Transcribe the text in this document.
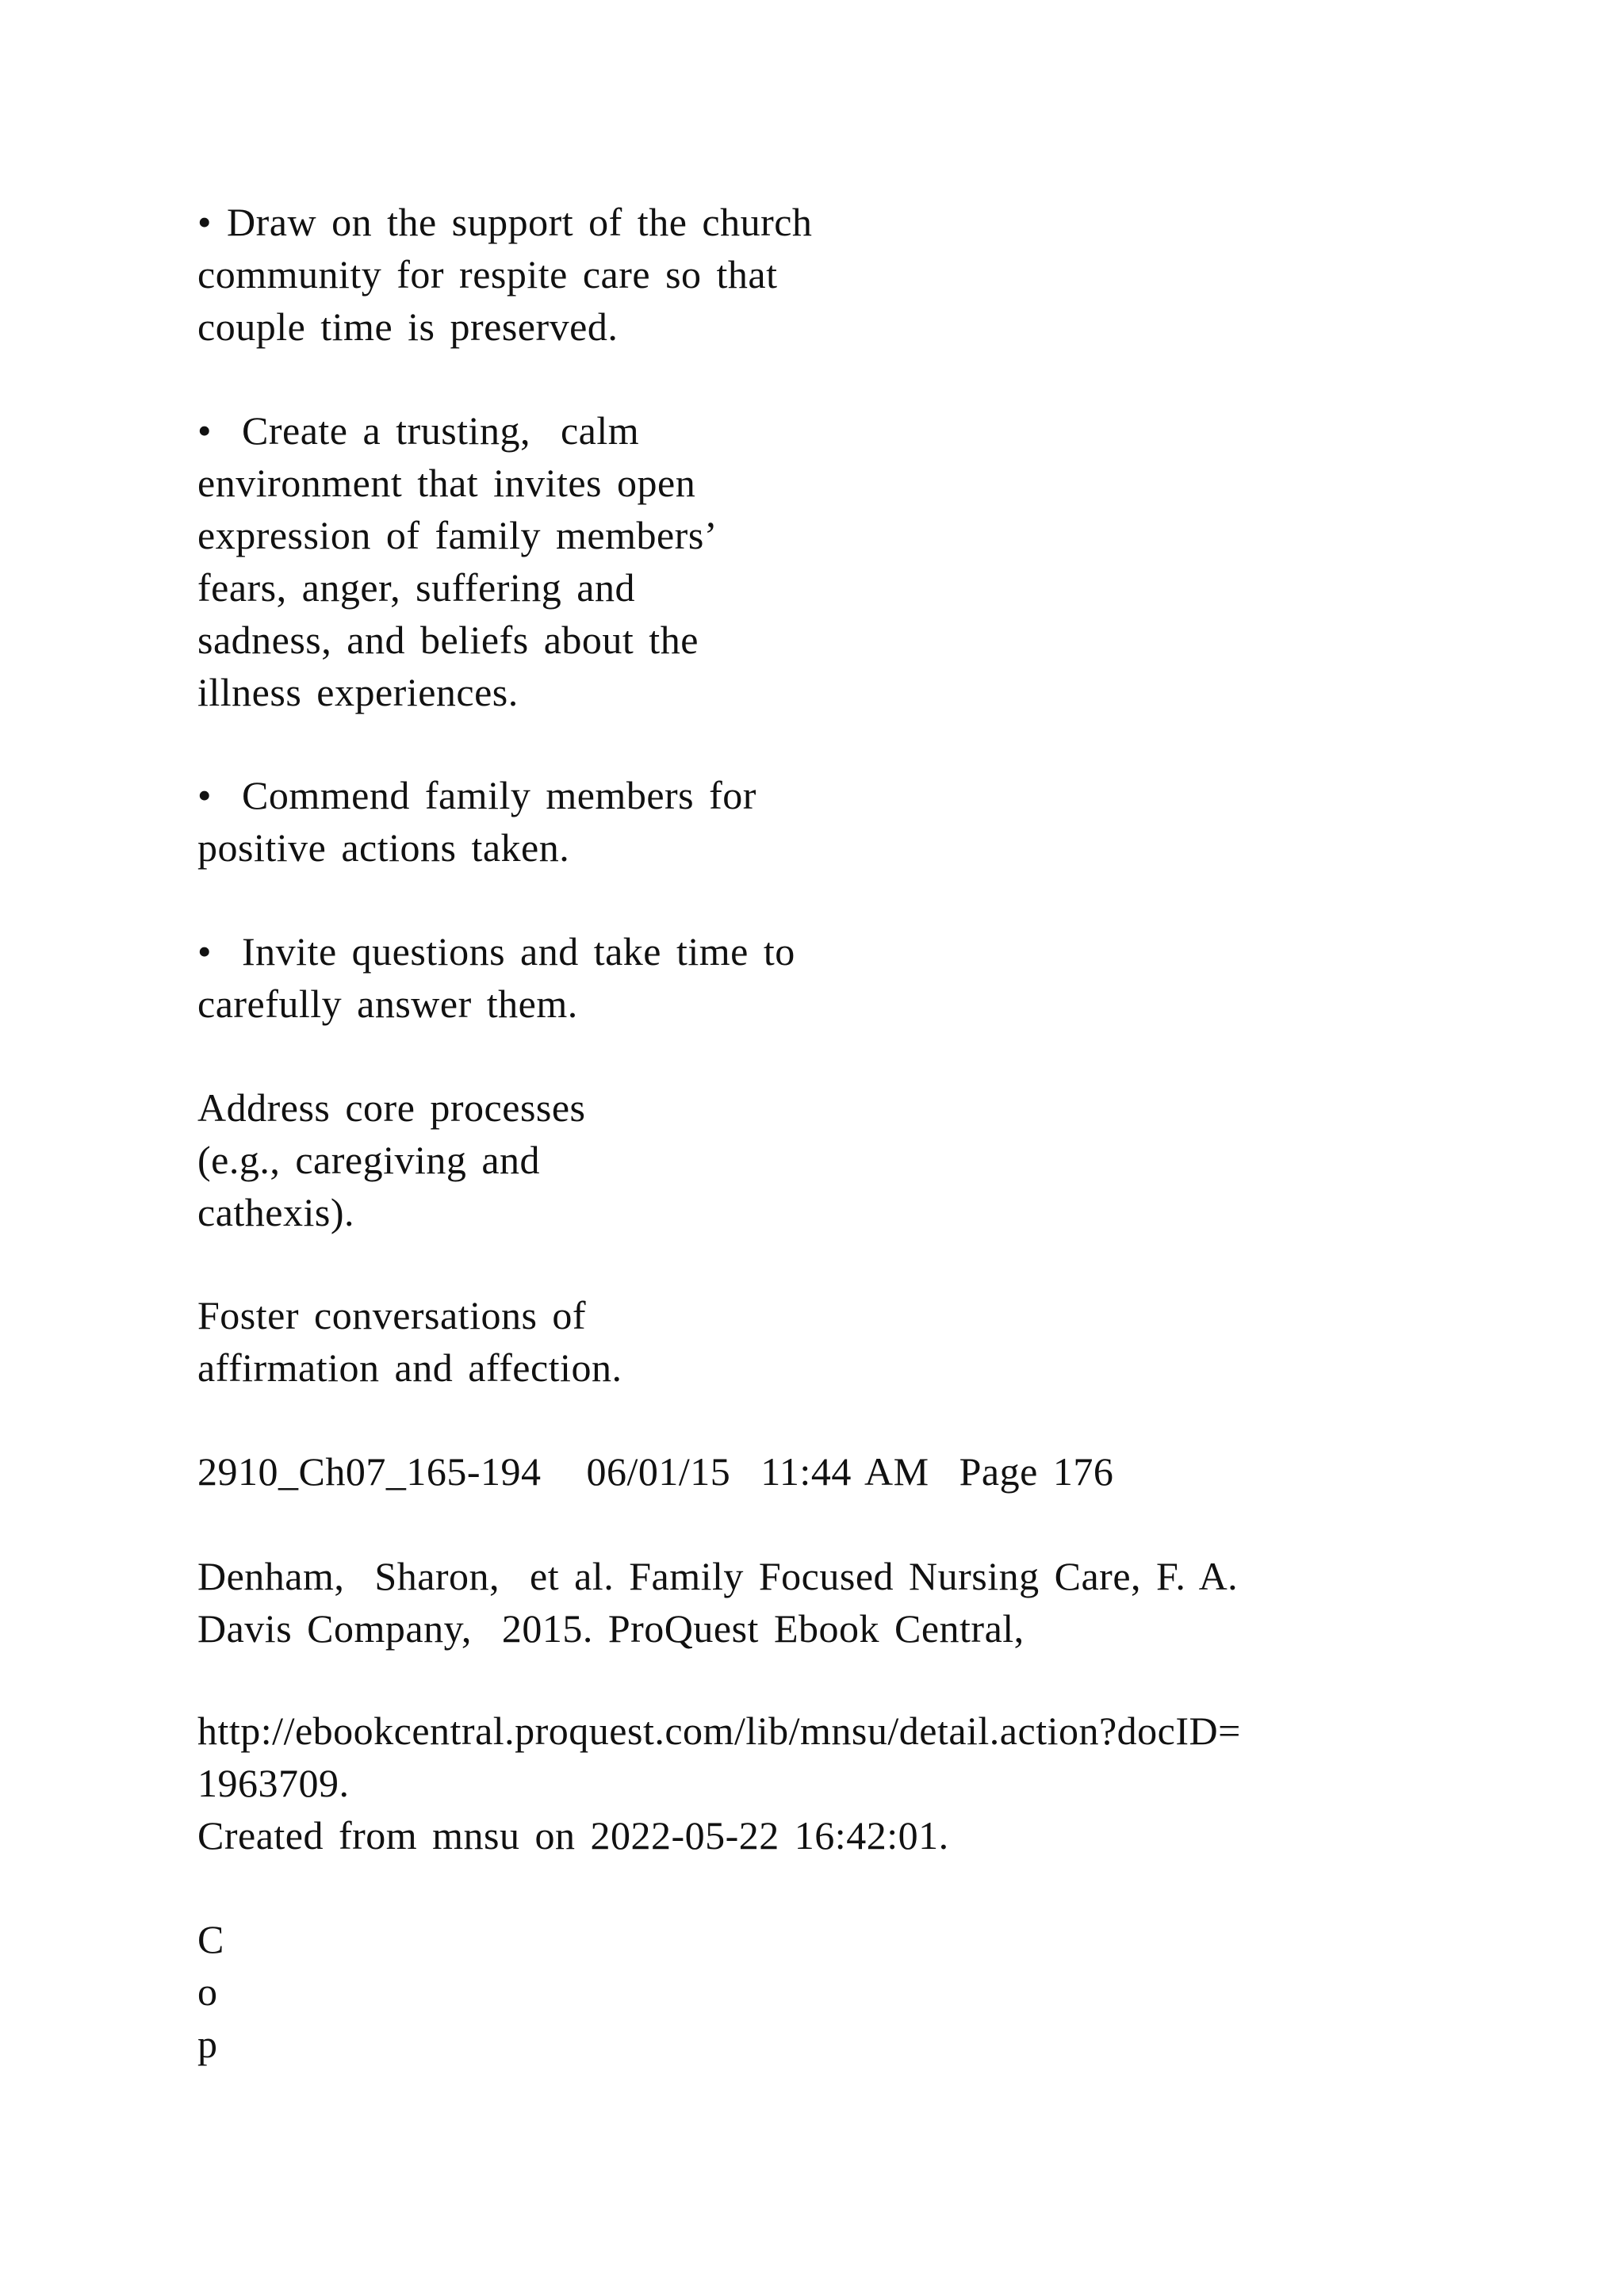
• Draw on the support of the church
community for respite care so that
couple time is preserved.

•  Create a trusting,  calm
environment that invites open
expression of family members’
fears, anger, suffering and
sadness, and beliefs about the
illness experiences.

•  Commend family members for
positive actions taken.

•  Invite questions and take time to
carefully answer them.

Address core processes
(e.g., caregiving and
cathexis).

Foster conversations of
affirmation and affection.

2910_Ch07_165-194   06/01/15  11:44 AM  Page 176

Denham,  Sharon,  et al. Family Focused Nursing Care, F. A.
Davis Company,  2015. ProQuest Ebook Central,

http://ebookcentral.proquest.com/lib/mnsu/detail.action?docID=
1963709.
Created from mnsu on 2022-05-22 16:42:01.

C
o
p
